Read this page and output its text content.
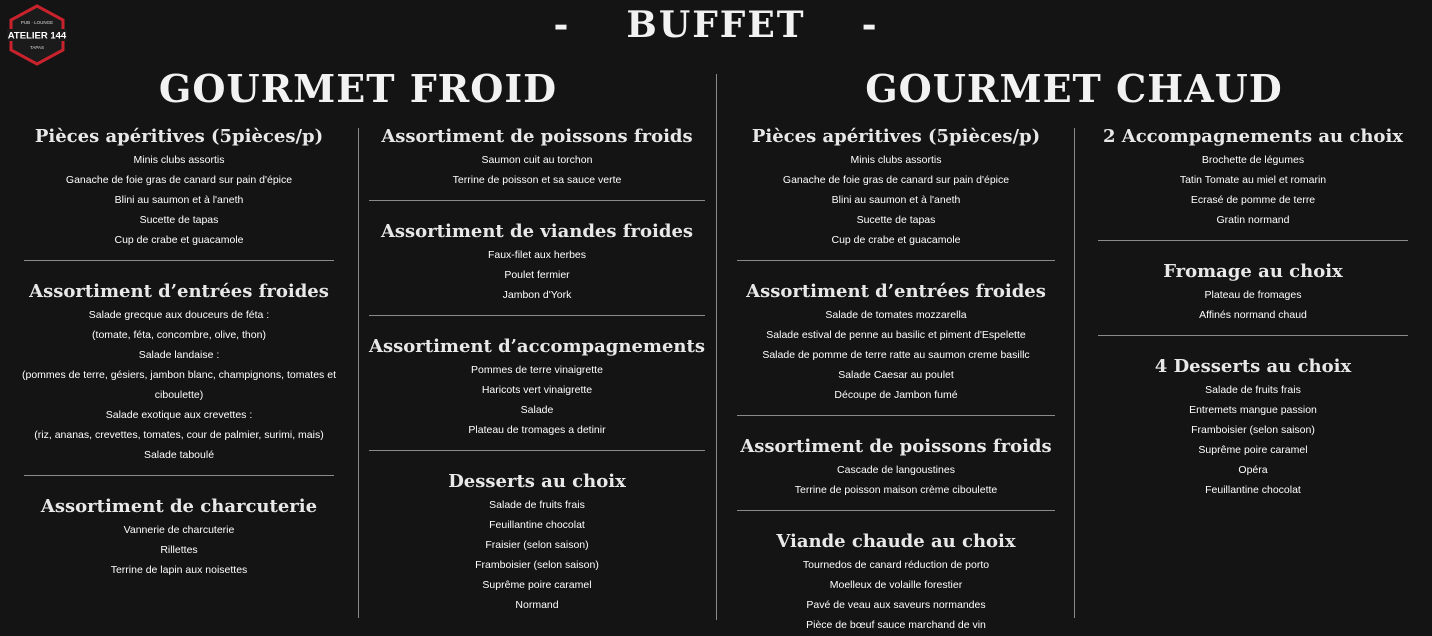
PUB · LOUNGE
ATELIER 144
TAPAS
- BUFFET -
GOURMET FROID	GOURMET CHAUD
Pièces apéritives (5pièces/p)
Minis clubs assortis
Ganache de foie gras de canard sur pain d'épice
Blini au saumon et à l'aneth
Sucette de tapas
Cup de crabe et guacamole
Assortiment d’entrées froides
Salade grecque aux douceurs de féta :
(tomate, féta, concombre, olive, thon)
Salade landaise :
(pommes de terre, gésiers, jambon blanc, champignons, tomates et ciboulette)
Salade exotique aux crevettes :
(riz, ananas, crevettes, tomates, cour de palmier, surimi, mais)
Salade taboulé
Assortiment de charcuterie
Vannerie de charcuterie
Rillettes
Terrine de lapin aux noisettes
Assortiment de poissons froids
Saumon cuit au torchon
Terrine de poisson et sa sauce verte
Assortiment de viandes froides
Faux-filet aux herbes
Poulet fermier
Jambon d'York
Assortiment d’accompagnements
Pommes de terre vinaigrette
Haricots vert vinaigrette
Salade
Plateau de tromages a detinir
Desserts au choix
Salade de fruits frais
Feuillantine chocolat
Fraisier (selon saison)
Framboisier (selon saison)
Suprême poire caramel
Normand
Pièces apéritives (5pièces/p)
Minis clubs assortis
Ganache de foie gras de canard sur pain d'épice
Blini au saumon et à l'aneth
Sucette de tapas
Cup de crabe et guacamole
Assortiment d’entrées froides
Salade de tomates mozzarella
Salade estival de penne au basilic et piment d'Espelette
Salade de pomme de terre ratte au saumon creme basillc
Salade Caesar au poulet
Découpe de Jambon fumé
Assortiment de poissons froids
Cascade de langoustines
Terrine de poisson maison crème ciboulette
Viande chaude au choix
Tournedos de canard réduction de porto
Moelleux de volaille forestier
Pavé de veau aux saveurs normandes
Pièce de bœuf sauce marchand de vin
2 Accompagnements au choix
Brochette de légumes
Tatin Tomate au miel et romarin
Ecrasé de pomme de terre
Gratin normand
Fromage au choix
Plateau de fromages
Affinés normand chaud
4 Desserts au choix
Salade de fruits frais
Entremets mangue passion
Framboisier (selon saison)
Suprême poire caramel
Opéra
Feuillantine chocolat
